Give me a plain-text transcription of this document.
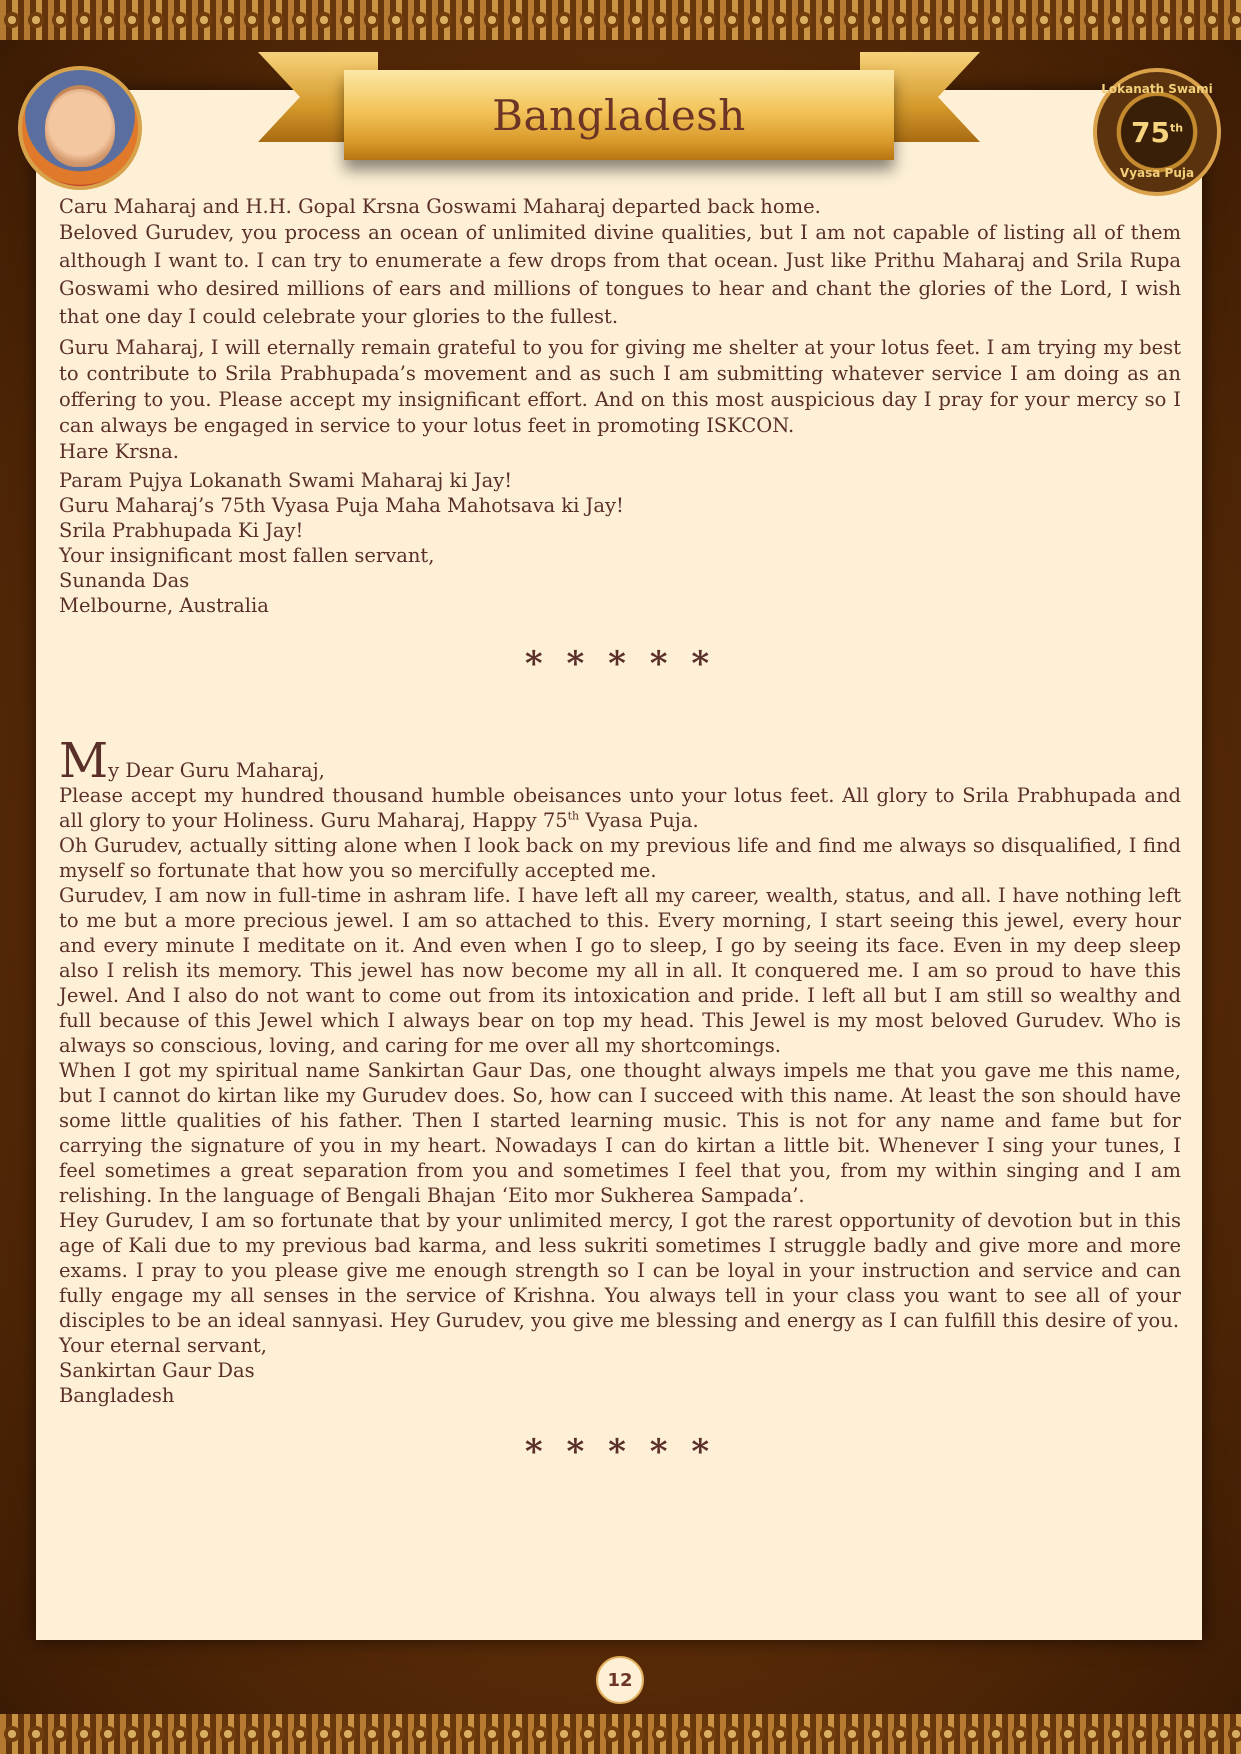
Bangladesh
Lokanath Swami
75th
Vyasa Puja

Caru Maharaj and H.H. Gopal Krsna Goswami Maharaj departed back home.

Beloved Gurudev, you process an ocean of unlimited divine qualities, but I am not capable of listing all of them although I want to. I can try to enumerate a few drops from that ocean. Just like Prithu Maharaj and Srila Rupa Goswami who desired millions of ears and millions of tongues to hear and chant the glories of the Lord, I wish that one day I could celebrate your glories to the fullest.

Guru Maharaj, I will eternally remain grateful to you for giving me shelter at your lotus feet. I am trying my best to contribute to Srila Prabhupada’s movement and as such I am submitting whatever service I am doing as an offering to you. Please accept my insignificant effort. And on this most auspicious day I pray for your mercy so I can always be engaged in service to your lotus feet in promoting ISKCON.

Hare Krsna.

Param Pujya Lokanath Swami Maharaj ki Jay!

Guru Maharaj’s 75th Vyasa Puja Maha Mahotsava ki Jay!

Srila Prabhupada Ki Jay!

Your insignificant most fallen servant,

Sunanda Das

Melbourne, Australia

* * * * *

My Dear Guru Maharaj,

Please accept my hundred thousand humble obeisances unto your lotus feet. All glory to Srila Prabhupada and all glory to your Holiness. Guru Maharaj, Happy 75th Vyasa Puja.

Oh Gurudev, actually sitting alone when I look back on my previous life and find me always so disqualified, I find myself so fortunate that how you so mercifully accepted me.

Gurudev, I am now in full-time in ashram life. I have left all my career, wealth, status, and all. I have nothing left to me but a more precious jewel. I am so attached to this. Every morning, I start seeing this jewel, every hour and every minute I meditate on it. And even when I go to sleep, I go by seeing its face. Even in my deep sleep also I relish its memory. This jewel has now become my all in all. It conquered me. I am so proud to have this Jewel. And I also do not want to come out from its intoxication and pride. I left all but I am still so wealthy and full because of this Jewel which I always bear on top my head. This Jewel is my most beloved Gurudev. Who is always so conscious, loving, and caring for me over all my shortcomings.

When I got my spiritual name Sankirtan Gaur Das, one thought always impels me that you gave me this name, but I cannot do kirtan like my Gurudev does. So, how can I succeed with this name. At least the son should have some little qualities of his father. Then I started learning music. This is not for any name and fame but for carrying the signature of you in my heart. Nowadays I can do kirtan a little bit. Whenever I sing your tunes, I feel sometimes a great separation from you and sometimes I feel that you, from my within singing and I am relishing. In the language of Bengali Bhajan ‘Eito mor Sukherea Sampada’.

Hey Gurudev, I am so fortunate that by your unlimited mercy, I got the rarest opportunity of devotion but in this age of Kali due to my previous bad karma, and less sukriti sometimes I struggle badly and give more and more exams. I pray to you please give me enough strength so I can be loyal in your instruction and service and can fully engage my all senses in the service of Krishna. You always tell in your class you want to see all of your disciples to be an ideal sannyasi. Hey Gurudev, you give me blessing and energy as I can fulfill this desire of you.

Your eternal servant,

Sankirtan Gaur Das

Bangladesh

* * * * *
12
